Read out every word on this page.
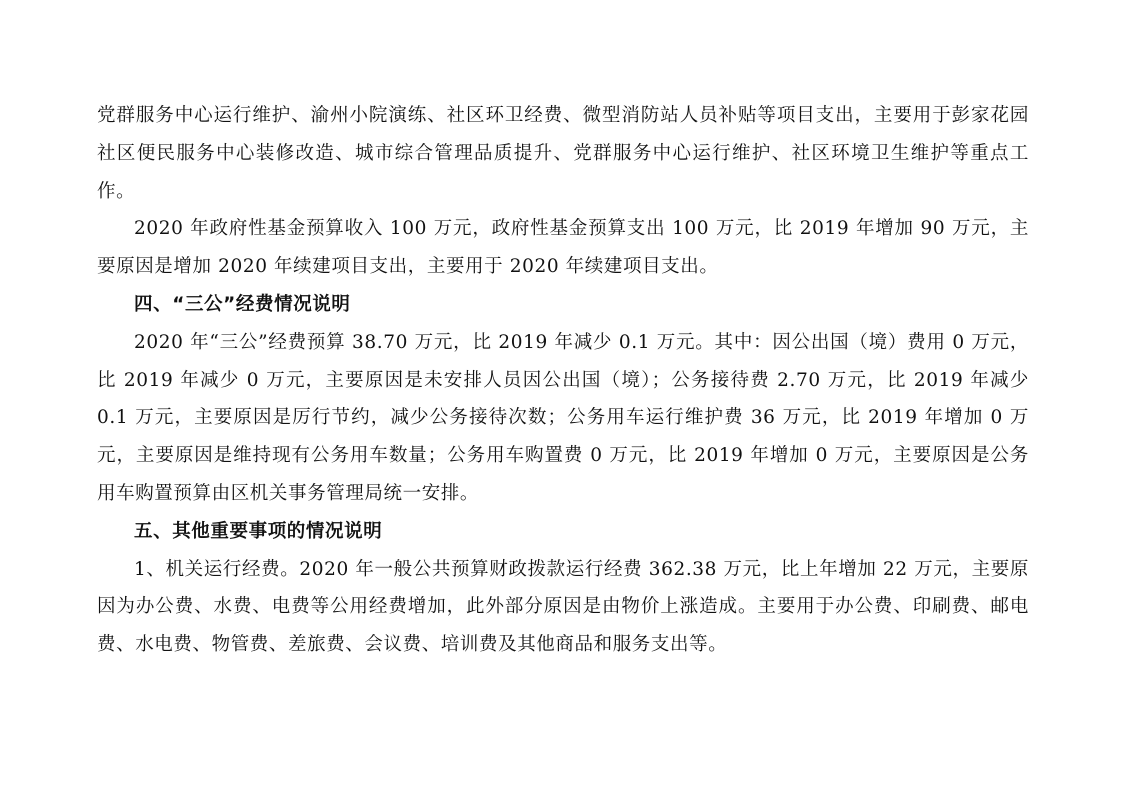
党群服务中心运行维护、渝州小院演练、社区环卫经费、微型消防站人员补贴等项目支出，主要用于彭家花园社区便民服务中心装修改造、城市综合管理品质提升、党群服务中心运行维护、社区环境卫生维护等重点工作。

2020 年政府性基金预算收入 100 万元，政府性基金预算支出 100 万元，比 2019 年增加 90 万元，主要原因是增加 2020 年续建项目支出，主要用于 2020 年续建项目支出。

四、“三公”经费情况说明

2020 年“三公”经费预算 38.70 万元，比 2019 年减少 0.1 万元。其中：因公出国（境）费用 0 万元，比 2019 年减少 0 万元，主要原因是未安排人员因公出国（境）；公务接待费 2.70 万元，比 2019 年减少 0.1 万元，主要原因是厉行节约，减少公务接待次数；公务用车运行维护费 36 万元，比 2019 年增加 0 万元，主要原因是维持现有公务用车数量；公务用车购置费 0 万元，比 2019 年增加 0 万元，主要原因是公务用车购置预算由区机关事务管理局统一安排。

五、其他重要事项的情况说明

1、机关运行经费。2020 年一般公共预算财政拨款运行经费 362.38 万元，比上年增加 22 万元，主要原因为办公费、水费、电费等公用经费增加，此外部分原因是由物价上涨造成。主要用于办公费、印刷费、邮电费、水电费、物管费、差旅费、会议费、培训费及其他商品和服务支出等。
